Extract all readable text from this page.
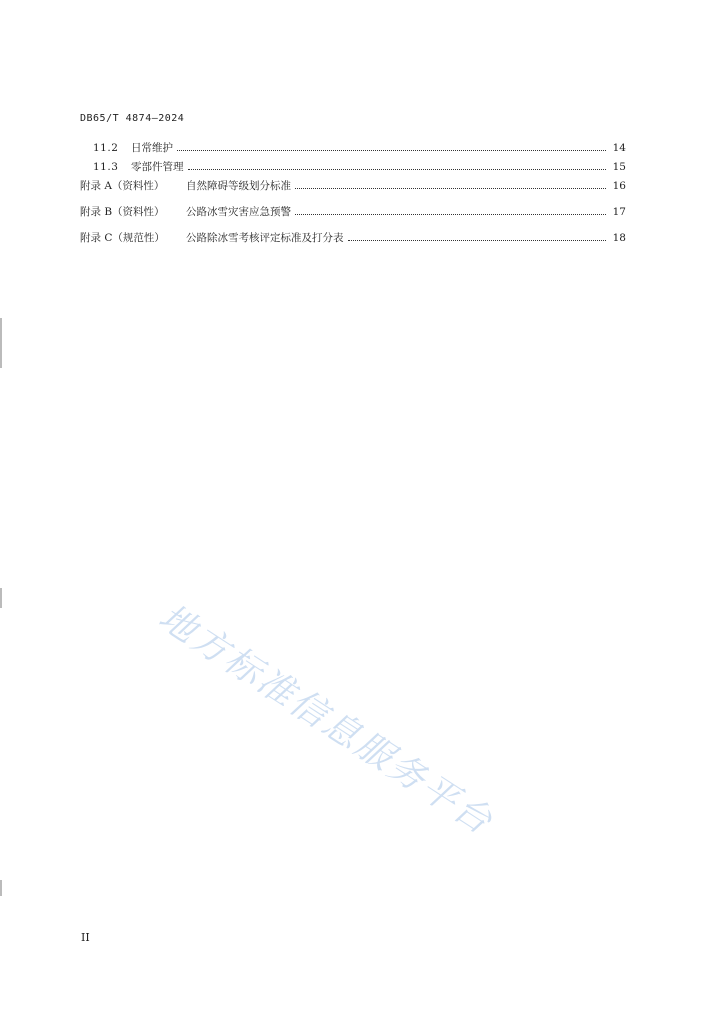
DB65/T 4874—2024
11.2	日常维护	14
11.3	零部件管理	15
附录 A（资料性）	自然障碍等级划分标准	16
附录 B（资料性）	公路冰雪灾害应急预警	17
附录 C（规范性）	公路除冰雪考核评定标准及打分表	18
地方标准信息服务平台
II
